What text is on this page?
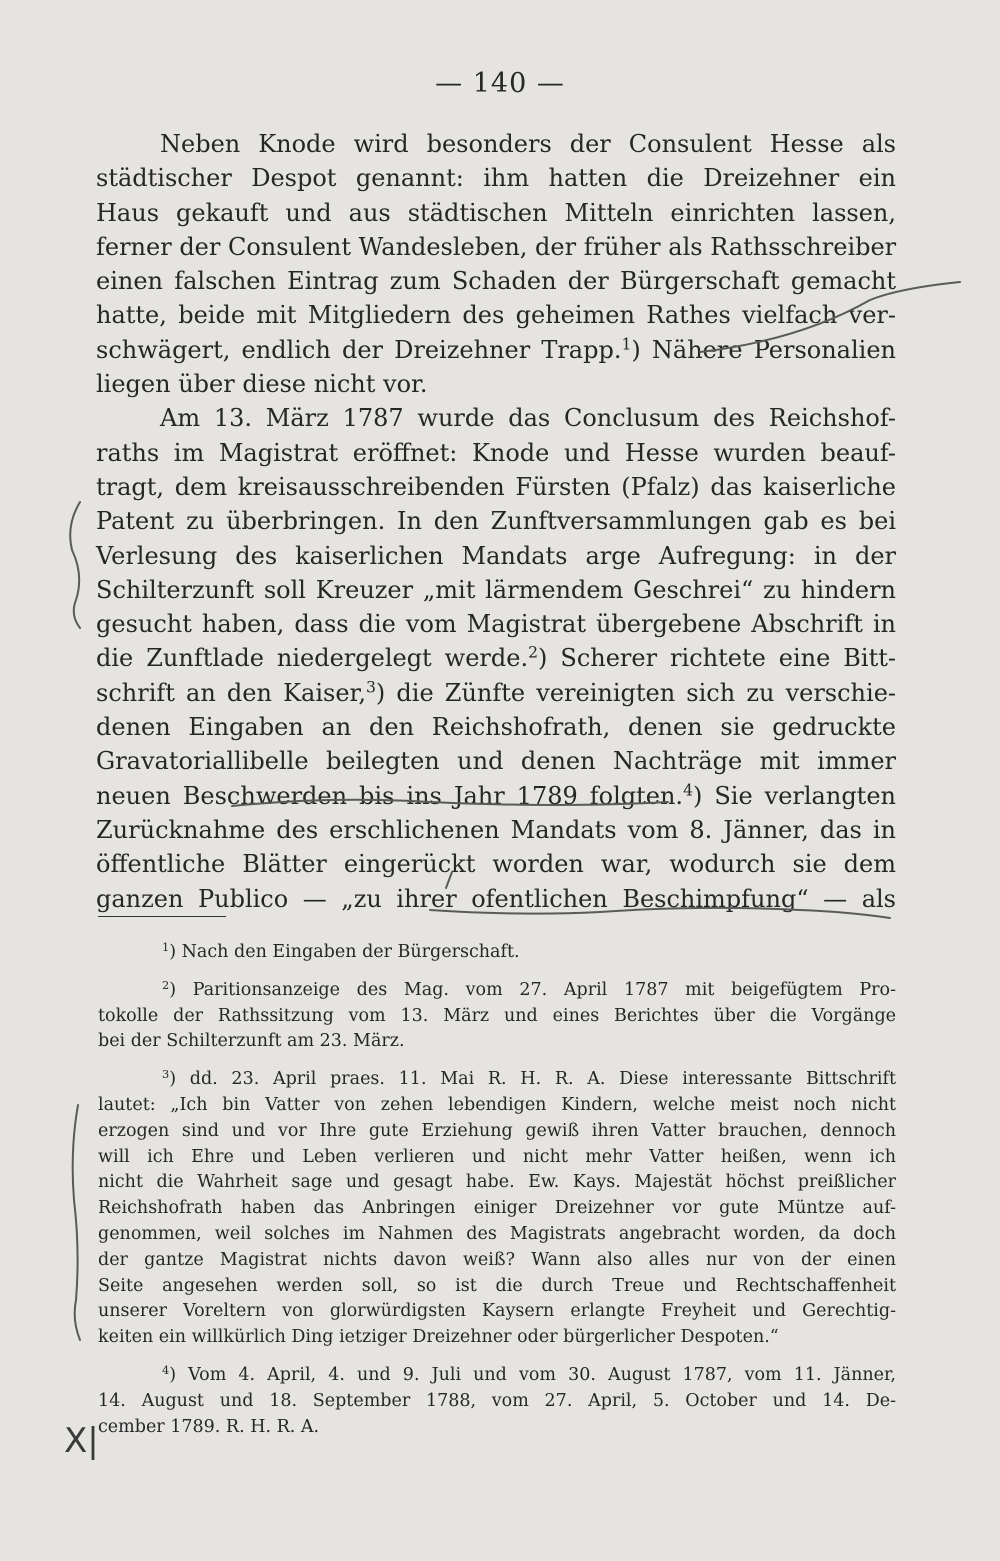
— 140 —
Neben Knode wird besonders der Consulent Hesse als
städtischer Despot genannt: ihm hatten die Dreizehner ein
Haus gekauft und aus städtischen Mitteln einrichten lassen,
ferner der Consulent Wandesleben, der früher als Rathsschreiber
einen falschen Eintrag zum Schaden der Bürgerschaft gemacht
hatte, beide mit Mitgliedern des geheimen Rathes vielfach ver-
schwägert, endlich der Dreizehner Trapp.$^1$) Nähere Personalien
liegen über diese nicht vor.
Am 13. März 1787 wurde das Conclusum des Reichshof-
raths im Magistrat eröffnet: Knode und Hesse wurden beauf-
tragt, dem kreisausschreibenden Fürsten (Pfalz) das kaiserliche
Patent zu überbringen. In den Zunftversammlungen gab es bei
Verlesung des kaiserlichen Mandats arge Aufregung: in der
Schilterzunft soll Kreuzer „mit lärmendem Geschrei“ zu hindern
gesucht haben, dass die vom Magistrat übergebene Abschrift in
die Zunftlade niedergelegt werde.$^2$) Scherer richtete eine Bitt-
schrift an den Kaiser,$^3$) die Zünfte vereinigten sich zu verschie-
denen Eingaben an den Reichshofrath, denen sie gedruckte
Gravatoriallibelle beilegten und denen Nachträge mit immer
neuen Beschwerden bis ins Jahr 1789 folgten.$^4$) Sie verlangten
Zurücknahme des erschlichenen Mandats vom 8. Jänner, das in
öffentliche Blätter eingerückt worden war, wodurch sie dem
ganzen Publico — „zu ihrer ofentlichen Beschimpfung“ — als
$^1$) Nach den Eingaben der Bürgerschaft.
$^2$) Paritionsanzeige des Mag. vom 27. April 1787 mit beigefügtem Pro-
tokolle der Rathssitzung vom 13. März und eines Berichtes über die Vorgänge
bei der Schilterzunft am 23. März.
$^3$) dd. 23. April praes. 11. Mai R. H. R. A. Diese interessante Bittschrift
lautet: „Ich bin Vatter von zehen lebendigen Kindern, welche meist noch nicht
erzogen sind und vor Ihre gute Erziehung gewiß ihren Vatter brauchen, dennoch
will ich Ehre und Leben verlieren und nicht mehr Vatter heißen, wenn ich
nicht die Wahrheit sage und gesagt habe. Ew. Kays. Majestät höchst preißlicher
Reichshofrath haben das Anbringen einiger Dreizehner vor gute Müntze auf-
genommen, weil solches im Nahmen des Magistrats angebracht worden, da doch
der gantze Magistrat nichts davon weiß? Wann also alles nur von der einen
Seite angesehen werden soll, so ist die durch Treue und Rechtschaffenheit
unserer Voreltern von glorwürdigsten Kaysern erlangte Freyheit und Gerechtig-
keiten ein willkürlich Ding ietziger Dreizehner oder bürgerlicher Despoten.“
$^4$) Vom 4. April, 4. und 9. Juli und vom 30. August 1787, vom 11. Jänner,
14. August und 18. September 1788, vom 27. April, 5. October und 14. De-
cember 1789. R. H. R. A.
X|
